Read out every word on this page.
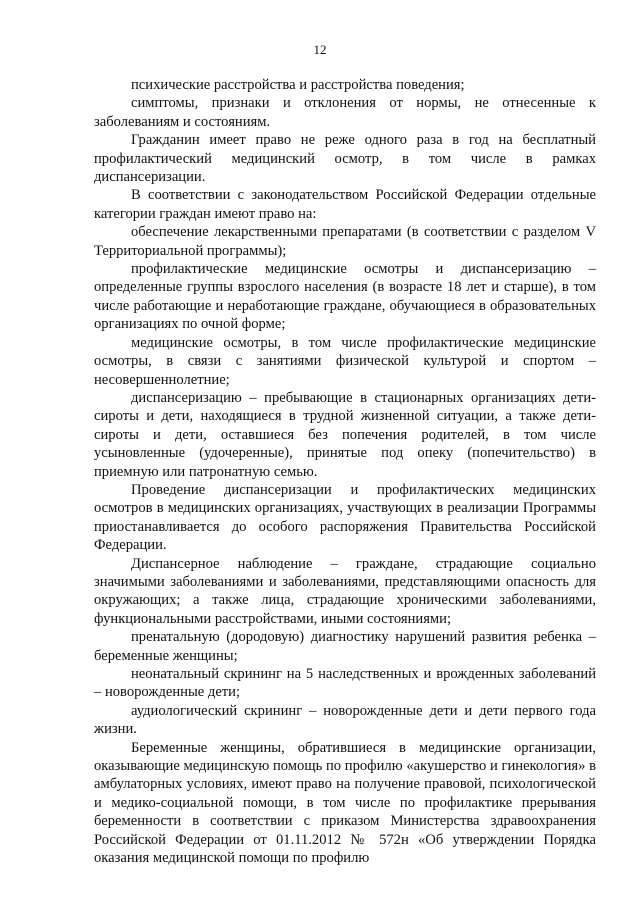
12

психические расстройства и расстройства поведения;

симптомы, признаки и отклонения от нормы, не отнесенные к заболеваниям и состояниям.

Гражданин имеет право не реже одного раза в год на бесплатный профилактический медицинский осмотр, в том числе в рамках диспансеризации.

В соответствии с законодательством Российской Федерации отдельные категории граждан имеют право на:

обеспечение лекарственными препаратами (в соответствии с разделом V Территориальной программы);

профилактические медицинские осмотры и диспансеризацию – определенные группы взрослого населения (в возрасте 18 лет и старше), в том числе работающие и неработающие граждане, обучающиеся в образовательных организациях по очной форме;

медицинские осмотры, в том числе профилактические медицинские осмотры, в связи с занятиями физической культурой и спортом – несовершеннолетние;

диспансеризацию – пребывающие в стационарных организациях дети-сироты и дети, находящиеся в трудной жизненной ситуации, а также дети-сироты и дети, оставшиеся без попечения родителей, в том числе усыновленные (удочеренные), принятые под опеку (попечительство) в приемную или патронатную семью.

Проведение диспансеризации и профилактических медицинских осмотров в медицинских организациях, участвующих в реализации Программы приостанавливается до особого распоряжения Правительства Российской Федерации.

Диспансерное наблюдение – граждане, страдающие социально значимыми заболеваниями и заболеваниями, представляющими опасность для окружающих; а также лица, страдающие хроническими заболеваниями, функциональными расстройствами, иными состояниями;

пренатальную (дородовую) диагностику нарушений развития ребенка – беременные женщины;

неонатальный скрининг на 5 наследственных и врожденных заболеваний – новорожденные дети;

аудиологический скрининг – новорожденные дети и дети первого года жизни.

Беременные женщины, обратившиеся в медицинские организации, оказывающие медицинскую помощь по профилю «акушерство и гинекология» в амбулаторных условиях, имеют право на получение правовой, психологической и медико-социальной помощи, в том числе по профилактике прерывания беременности в соответствии с приказом Министерства здравоохранения Российской Федерации от 01.11.2012 № 572н «Об утверждении Порядка оказания медицинской помощи по профилю
